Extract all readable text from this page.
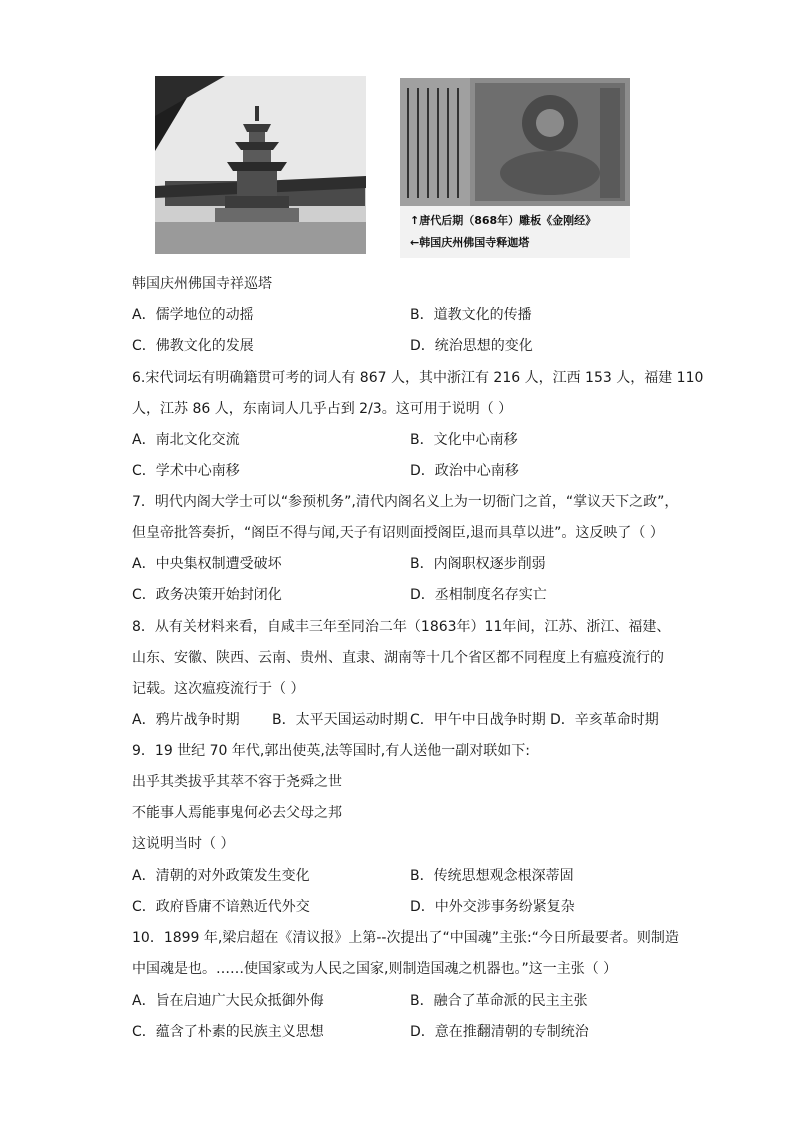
↑唐代后期（868年）雕板《金刚经》
←韩国庆州佛国寺释迦塔
韩国庆州佛国寺祥巡塔
A．儒学地位的动摇	B．道教文化的传播
C．佛教文化的发展	D．统治思想的变化
6.宋代词坛有明确籍贯可考的词人有 867 人，其中浙江有 216 人，江西 153 人，福建 110
人，江苏 86 人，东南词人几乎占到 2/3。这可用于说明（ ）
A．南北文化交流	B．文化中心南移
C．学术中心南移	D．政治中心南移
7．明代内阁大学士可以“参预机务”,清代内阁名义上为一切衙门之首，“掌议天下之政”，
但皇帝批答奏折，“阁臣不得与闻,天子有诏则面授阁臣,退而具草以进”。这反映了（ ）
A．中央集权制遭受破坏	B．内阁职权逐步削弱
C．政务决策开始封闭化	D．丞相制度名存实亡
8．从有关材料来看，自咸丰三年至同治二年（1863年）11年间，江苏、浙江、福建、
山东、安徽、陕西、云南、贵州、直隶、湖南等十几个省区都不同程度上有瘟疫流行的
记载。这次瘟疫流行于（ ）
A．鸦片战争时期 B．太平天国运动时期 C．甲午中日战争时期 D．辛亥革命时期
9．19 世纪 70 年代,郭出使英,法等国时,有人送他一副对联如下:
出乎其类拔乎其萃不容于尧舜之世
不能事人焉能事鬼何必去父母之邦
这说明当时（ ）
A．清朝的对外政策发生变化	B．传统思想观念根深蒂固
C．政府昏庸不谙熟近代外交	D．中外交涉事务纷紧复杂
10．1899 年,梁启超在《清议报》上第--次提出了“中国魂”主张:“今日所最要者。则制造
中国魂是也。……使国家或为人民之国家,则制造国魂之机器也。”这一主张（ ）
A．旨在启迪广大民众抵御外侮	B．融合了革命派的民主主张
C．蕴含了朴素的民族主义思想	D．意在推翻清朝的专制统治
